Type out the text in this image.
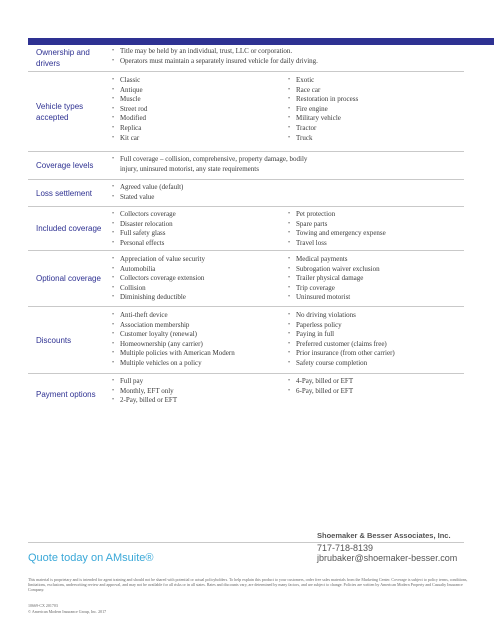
Ownership and drivers
• Title may be held by an individual, trust, LLC or corporation.
• Operators must maintain a separately insured vehicle for daily driving.
Vehicle types accepted
• Classic
• Antique
• Muscle
• Street rod
• Modified
• Replica
• Kit car
• Exotic
• Race car
• Restoration in process
• Fire engine
• Military vehicle
• Tractor
• Truck
Coverage levels
• Full coverage – collision, comprehensive, property damage, bodily
injury, uninsured motorist, any state requirements
Loss settlement
• Agreed value (default)
• Stated value
Included coverage
• Collectors coverage
• Disaster relocation
• Full safety glass
• Personal effects
• Pet protection
• Spare parts
• Towing and emergency expense
• Travel loss
Optional coverage
• Appreciation of value security
• Automobilia
• Collectors coverage extension
• Collision
• Diminishing deductible
• Medical payments
• Subrogation waiver exclusion
• Trailer physical damage
• Trip coverage
• Uninsured motorist
Discounts
• Anti-theft device
• Association membership
• Customer loyalty (renewal)
• Homeownership (any carrier)
• Multiple policies with American Modern
• Multiple vehicles on a policy
• No driving violations
• Paperless policy
• Paying in full
• Preferred customer (claims free)
• Prior insurance (from other carrier)
• Safety course completion
Payment options
• Full pay
• Monthly, EFT only
• 2-Pay, billed or EFT
• 4-Pay, billed or EFT
• 6-Pay, billed or EFT
Shoemaker & Besser Associates, Inc.
Quote today on AMsuite®
717-718-8139
jbrubaker@shoemaker-besser.com
This material is proprietary and is intended for agent training and should not be shared with potential or actual policyholders. To help explain this product to your customers, order free sales materials from the Marketing Center. Coverage is subject to policy terms, conditions, limitations, exclusions, underwriting review and approval, and may not be available for all risks or in all states. Rates and discounts vary, are determined by many factors, and are subject to change. Policies are written by American Modern Property and Casualty Insurance Company.
10669-CX 201703
© American Modern Insurance Group, Inc. 2017
